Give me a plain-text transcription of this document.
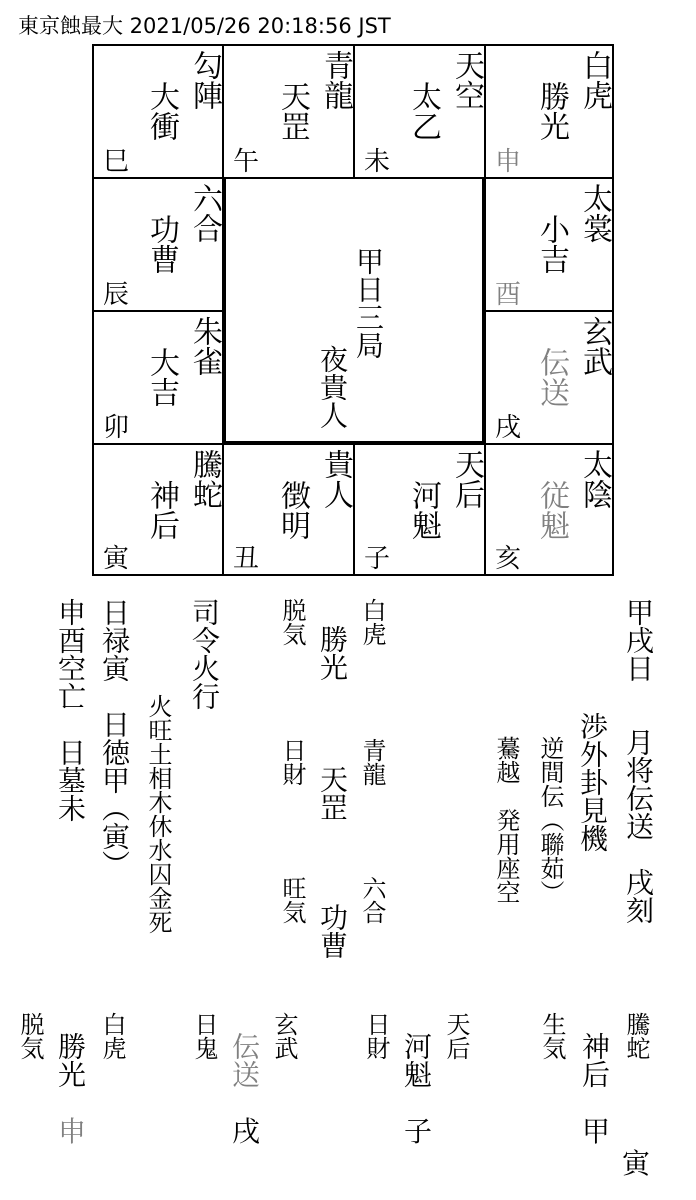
東京蝕最大 2021/05/26 20:18:56 JST
勾陣
大衝
巳
青龍
天罡
午
天空
太乙
未
白虎
勝光
申
太裳
小吉
酉
玄武
伝送
戌
太陰
従魁
亥
天后
河魁
子
貴人
徴明
丑
騰蛇
神后
寅
朱雀
大吉
卯
六合
功曹
辰	甲日三局
夜貴人
甲戌日
月将伝送　戌刻
渉外卦見機
逆間伝（聯茹）
驀越　発用座空
白虎
青龍
六合
勝光
天罡
功曹
脱気
日財
旺気
司令火行
火旺土相木休水囚金死
日禄寅　日徳甲（寅）
申酉空亡　日墓未
騰蛇
神后
生気
甲
寅
天后
河魁
日財
子
玄武
伝送
日鬼
戌
白虎
勝光
脱気
申
